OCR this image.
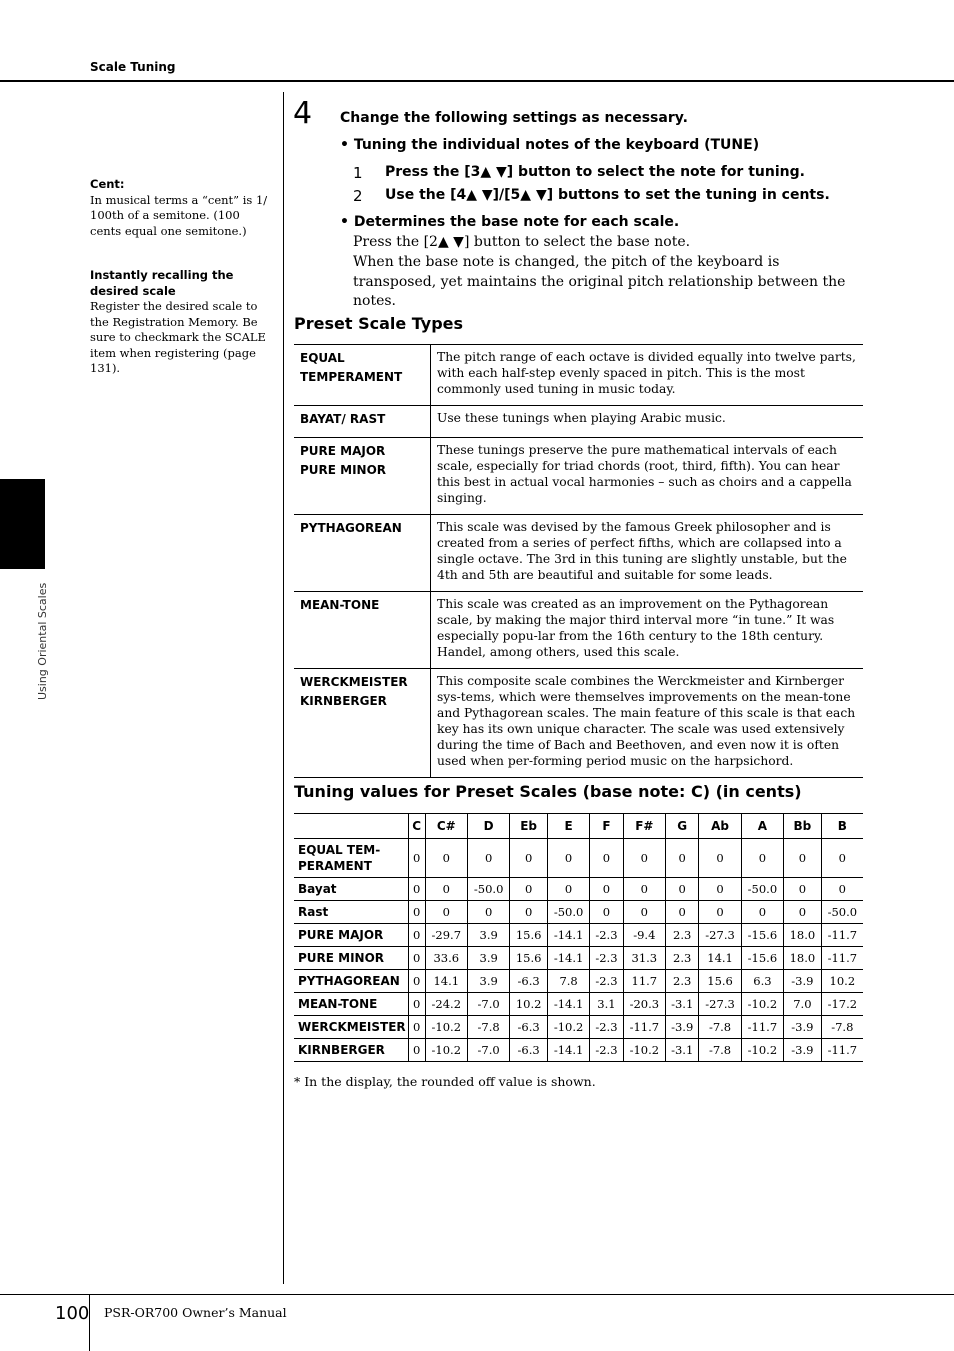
Scale Tuning
Using Oriental Scales
Cent:
In musical terms a “cent” is 1/ 100th of a semitone. (100 cents equal one semitone.)
Instantly recalling the desired scale
Register the desired scale to the Registration Memory. Be sure to checkmark the SCALE item when registering (page 131).
4 Change the following settings as necessary.
• Tuning the individual notes of the keyboard (TUNE)
1 Press the [3▲ ▼] button to select the note for tuning.
2 Use the [4▲ ▼]/[5▲ ▼] buttons to set the tuning in cents.
• Determines the base note for each scale.
Press the [2▲ ▼] button to select the base note.
When the base note is changed, the pitch of the keyboard is transposed, yet maintains the original pitch relationship between the notes.
Preset Scale Types
EQUAL TEMPERAMENT	The pitch range of each octave is divided equally into twelve parts, with each half-step evenly spaced in pitch. This is the most commonly used tuning in music today.
BAYAT/ RAST	Use these tunings when playing Arabic music.
PURE MAJOR
PURE MINOR	These tunings preserve the pure mathematical intervals of each scale, especially for triad chords (root, third, fifth). You can hear this best in actual vocal harmonies – such as choirs and a cappella singing.
PYTHAGOREAN	This scale was devised by the famous Greek philosopher and is created from a series of perfect fifths, which are collapsed into a single octave. The 3rd in this tuning are slightly unstable, but the 4th and 5th are beautiful and suitable for some leads.
MEAN-TONE	This scale was created as an improvement on the Pythagorean scale, by making the major third interval more “in tune.” It was especially popu-lar from the 16th century to the 18th century. Handel, among others, used this scale.
WERCKMEISTER
KIRNBERGER	This composite scale combines the Werckmeister and Kirnberger sys-tems, which were themselves improvements on the mean-tone and Pythagorean scales. The main feature of this scale is that each key has its own unique character. The scale was used extensively during the time of Bach and Beethoven, and even now it is often used when per-forming period music on the harpsichord.
Tuning values for Preset Scales (base note: C) (in cents)
	C	C#	D	Eb	E	F	F#	G	Ab	A	Bb	B
EQUAL TEM-
PERAMENT	0	0	0	0	0	0	0	0	0	0	0	0
Bayat	0	0	-50.0	0	0	0	0	0	0	-50.0	0	0
Rast	0	0	0	0	-50.0	0	0	0	0	0	0	-50.0
PURE MAJOR	0	-29.7	3.9	15.6	-14.1	-2.3	-9.4	2.3	-27.3	-15.6	18.0	-11.7
PURE MINOR	0	33.6	3.9	15.6	-14.1	-2.3	31.3	2.3	14.1	-15.6	18.0	-11.7
PYTHAGOREAN	0	14.1	3.9	-6.3	7.8	-2.3	11.7	2.3	15.6	6.3	-3.9	10.2
MEAN-TONE	0	-24.2	-7.0	10.2	-14.1	3.1	-20.3	-3.1	-27.3	-10.2	7.0	-17.2
WERCKMEISTER	0	-10.2	-7.8	-6.3	-10.2	-2.3	-11.7	-3.9	-7.8	-11.7	-3.9	-7.8
KIRNBERGER	0	-10.2	-7.0	-6.3	-14.1	-2.3	-10.2	-3.1	-7.8	-10.2	-3.9	-11.7
* In the display, the rounded off value is shown.
100 PSR-OR700 Owner’s Manual
